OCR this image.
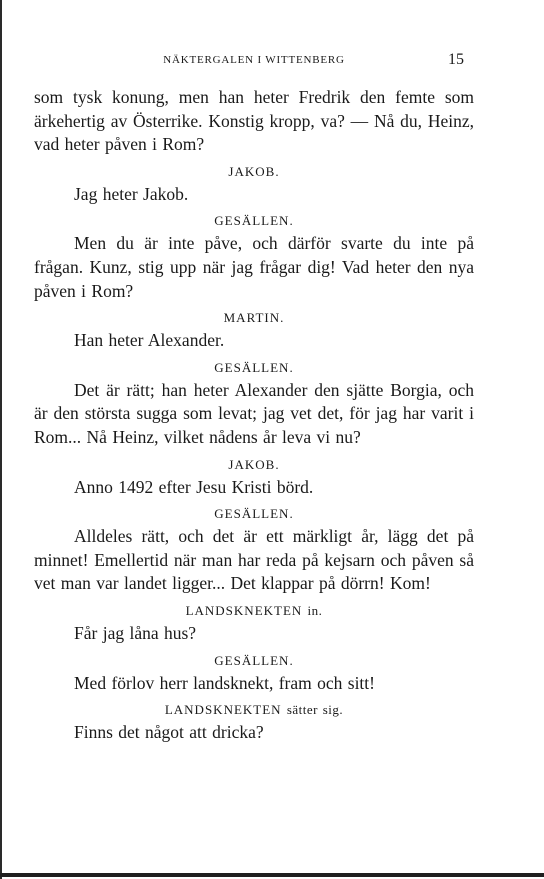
NÄKTERGALEN I WITTENBERG	15

som tysk konung, men han heter Fredrik den femte som ärkehertig av Österrike. Konstig kropp, va? — Nå du, Heinz, vad heter påven i Rom?

JAKOB.

Jag heter Jakob.

GESÄLLEN.

Men du är inte påve, och därför svarte du inte på frågan. Kunz, stig upp när jag frågar dig! Vad heter den nya påven i Rom?

MARTIN.

Han heter Alexander.

GESÄLLEN.

Det är rätt; han heter Alexander den sjätte Borgia, och är den största sugga som levat; jag vet det, för jag har varit i Rom... Nå Heinz, vilket nådens år leva vi nu?

JAKOB.

Anno 1492 efter Jesu Kristi börd.

GESÄLLEN.

Alldeles rätt, och det är ett märkligt år, lägg det på minnet! Emellertid när man har reda på kejsarn och påven så vet man var landet ligger... Det klappar på dörrn! Kom!

LANDSKNEKTEN in.

Får jag låna hus?

GESÄLLEN.

Med förlov herr landsknekt, fram och sitt!

LANDSKNEKTEN sätter sig.

Finns det något att dricka?
